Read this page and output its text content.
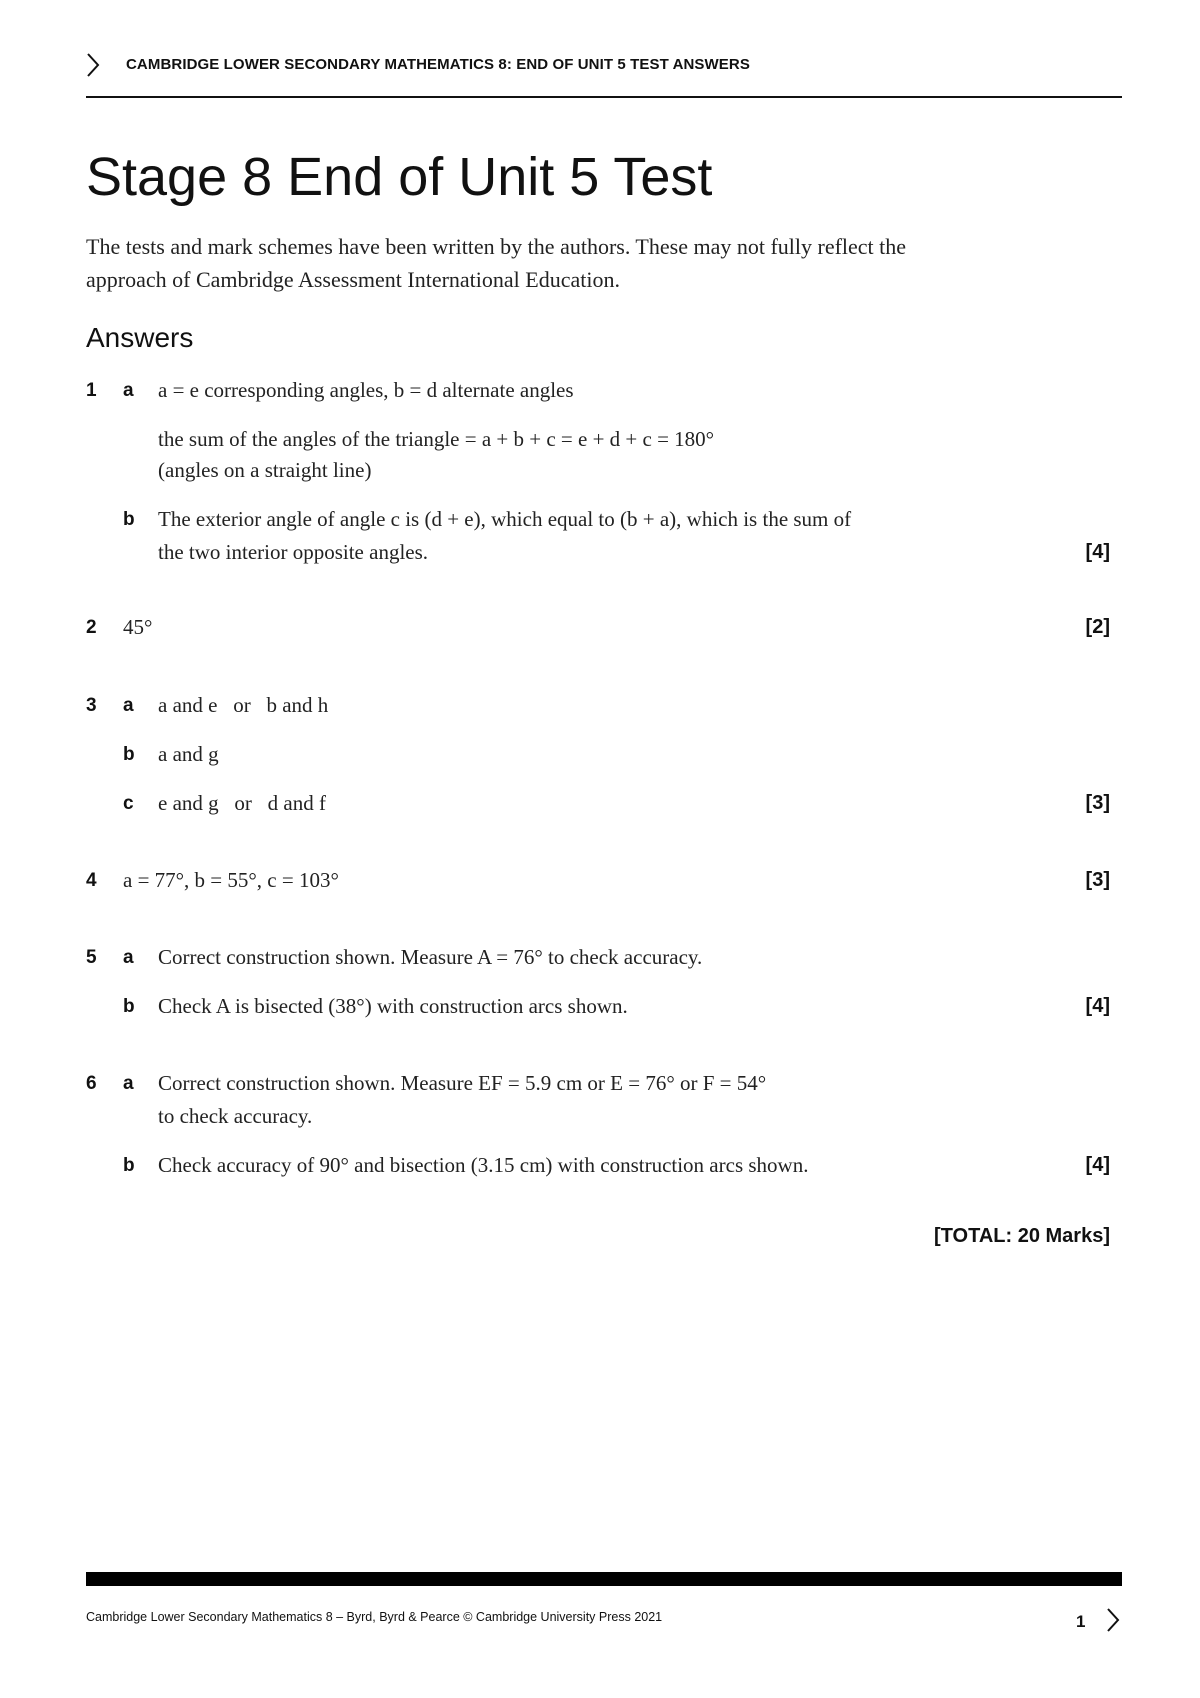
CAMBRIDGE LOWER SECONDARY MATHEMATICS 8: END OF UNIT 5 TEST ANSWERS
Stage 8 End of Unit 5 Test
The tests and mark schemes have been written by the authors. These may not fully reflect the
approach of Cambridge Assessment International Education.
Answers
1 a a = e corresponding angles, b = d alternate angles
the sum of the angles of the triangle = a + b + c = e + d + c = 180°
(angles on a straight line)
b The exterior angle of angle c is (d + e), which equal to (b + a), which is the sum of
the two interior opposite angles.	[4]
2 45°	[2]
3 a a and e   or   b and h
b a and g
c e and g   or   d and f	[3]
4 a = 77°, b = 55°, c = 103°	[3]
5 a Correct construction shown. Measure A = 76° to check accuracy.
b Check A is bisected (38°) with construction arcs shown.	[4]
6 a Correct construction shown. Measure EF = 5.9 cm or E = 76° or F = 54°
to check accuracy.
b Check accuracy of 90° and bisection (3.15 cm) with construction arcs shown.	[4]
[TOTAL: 20 Marks]
Cambridge Lower Secondary Mathematics 8 – Byrd, Byrd & Pearce © Cambridge University Press 2021	1
